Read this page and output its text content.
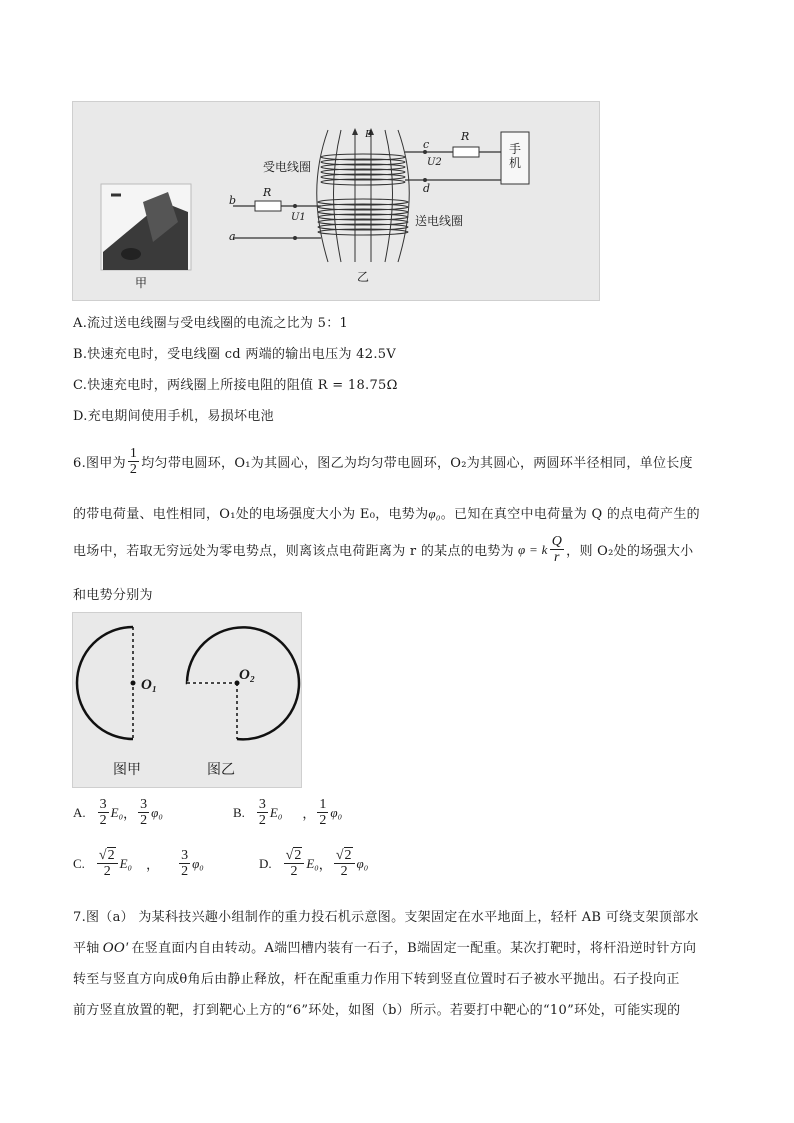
B
受电线圈
送电线圈
c
d
U2
R
手机
b
a
R
U1
甲	乙
A.流过送电线圈与受电线圈的电流之比为 5：1
B.快速充电时，受电线圈 cd 两端的输出电压为 42.5V
C.快速充电时，两线圈上所接电阻的阻值 R = 18.75Ω
D.充电期间使用手机，易损坏电池
6.图甲为 $\frac{1}{2}$ 均匀带电圆环，O₁为其圆心，图乙为均匀带电圆环，O₂为其圆心，两圆环半径相同，单位长度
的带电荷量、电性相同，O₁处的电场强度大小为 E₀，电势为φ₀。已知在真空中电荷量为 Q 的点电荷产生的
电场中，若取无穷远处为零电势点，则离该点电荷距离为 r 的某点的电势为 φ = k $\frac{Q}{r}$ ，则 O₂处的场强大小
和电势分别为
O₁
O₂
图甲	图乙
A. $\frac{3}{2} E_0$ ， $\frac{3}{2} \varphi_0$	B. $\frac{3}{2} E_0$ ， $\frac{1}{2} \varphi_0$
C. $\frac{√2}{2} E_0$ ， $\frac{3}{2} \varphi_0$	D. $\frac{√2}{2} E_0$ ， $\frac{√2}{2} \varphi_0$
7.图（a） 为某科技兴趣小组制作的重力投石机示意图。支架固定在水平地面上，轻杆 AB 可绕支架顶部水
平轴 OO′ 在竖直面内自由转动。A端凹槽内装有一石子，B端固定一配重。某次打靶时，将杆沿逆时针方向
转至与竖直方向成θ角后由静止释放，杆在配重重力作用下转到竖直位置时石子被水平抛出。石子投向正
前方竖直放置的靶，打到靶心上方的“6”环处，如图（b）所示。若要打中靶心的“10”环处，可能实现的
